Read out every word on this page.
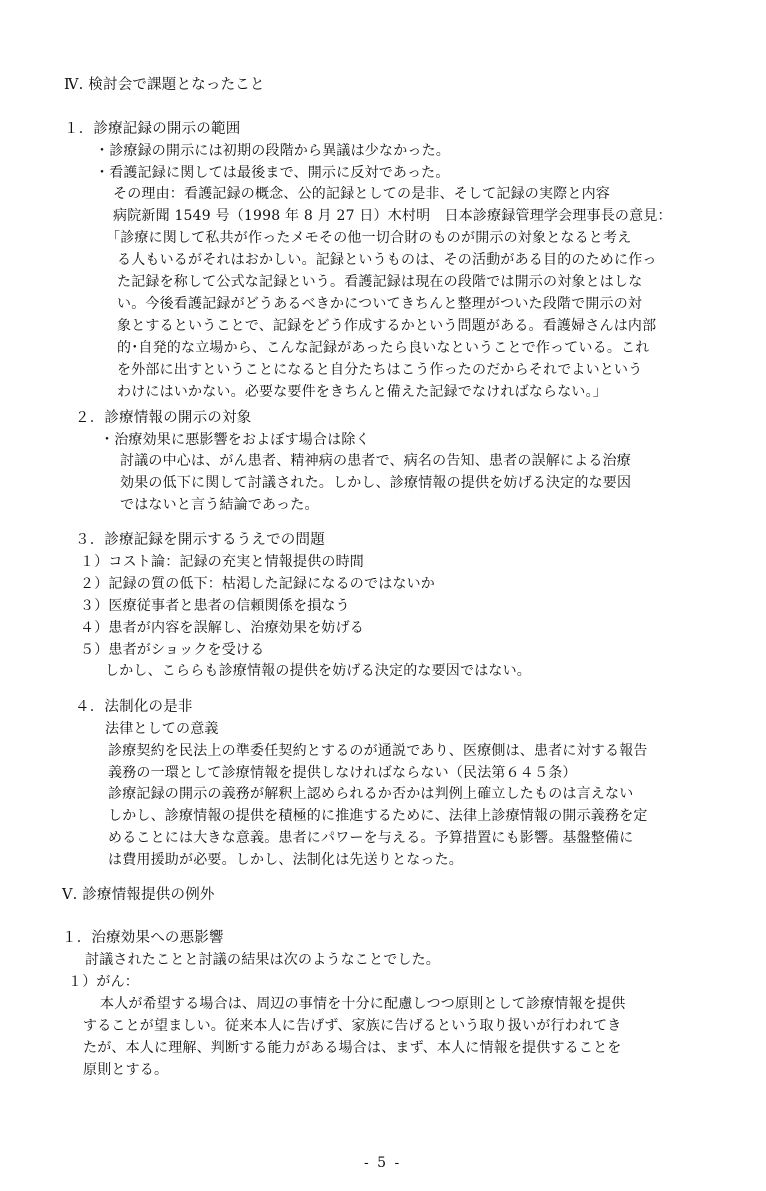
Ⅳ. 検討会で課題となったこと
１．診療記録の開示の範囲
・診療録の開示には初期の段階から異議は少なかった。
・看護記録に関しては最後まで、開示に反対であった。
その理由：看護記録の概念、公的記録としての是非、そして記録の実際と内容
病院新聞 1549 号（1998 年 8 月 27 日）木村明　日本診療録管理学会理事長の意見：
「診療に関して私共が作ったメモその他一切合財のものが開示の対象となると考え
る人もいるがそれはおかしい。記録というものは、その活動がある目的のために作っ
た記録を称して公式な記録という。看護記録は現在の段階では開示の対象とはしな
い。今後看護記録がどうあるべきかについてきちんと整理がついた段階で開示の対
象とするということで、記録をどう作成するかという問題がある。看護婦さんは内部
的･自発的な立場から、こんな記録があったら良いなということで作っている。これ
を外部に出すということになると自分たちはこう作ったのだからそれでよいという
わけにはいかない。必要な要件をきちんと備えた記録でなければならない。」
２．診療情報の開示の対象
・治療効果に悪影響をおよぼす場合は除く
討議の中心は、がん患者、精神病の患者で、病名の告知、患者の誤解による治療
効果の低下に関して討議された。しかし、診療情報の提供を妨げる決定的な要因
ではないと言う結論であった。
３．診療記録を開示するうえでの問題
１）コスト論：記録の充実と情報提供の時間
２）記録の質の低下：枯渇した記録になるのではないか
３）医療従事者と患者の信頼関係を損なう
４）患者が内容を誤解し、治療効果を妨げる
５）患者がショックを受ける
しかし、こららも診療情報の提供を妨げる決定的な要因ではない。
４．法制化の是非
法律としての意義
診療契約を民法上の準委任契約とするのが通説であり、医療側は、患者に対する報告
義務の一環として診療情報を提供しなければならない（民法第６４５条）
診療記録の開示の義務が解釈上認められるか否かは判例上確立したものは言えない
しかし、診療情報の提供を積極的に推進するために、法律上診療情報の開示義務を定
めることには大きな意義。患者にパワーを与える。予算措置にも影響。基盤整備に
は費用援助が必要。しかし、法制化は先送りとなった。
Ⅴ. 診療情報提供の例外
１．治療効果への悪影響
討議されたことと討議の結果は次のようなことでした。
１）がん：
本人が希望する場合は、周辺の事情を十分に配慮しつつ原則として診療情報を提供
することが望ましい。従来本人に告げず、家族に告げるという取り扱いが行われてき
たが、本人に理解、判断する能力がある場合は、まず、本人に情報を提供することを
原則とする。
- 5 -
